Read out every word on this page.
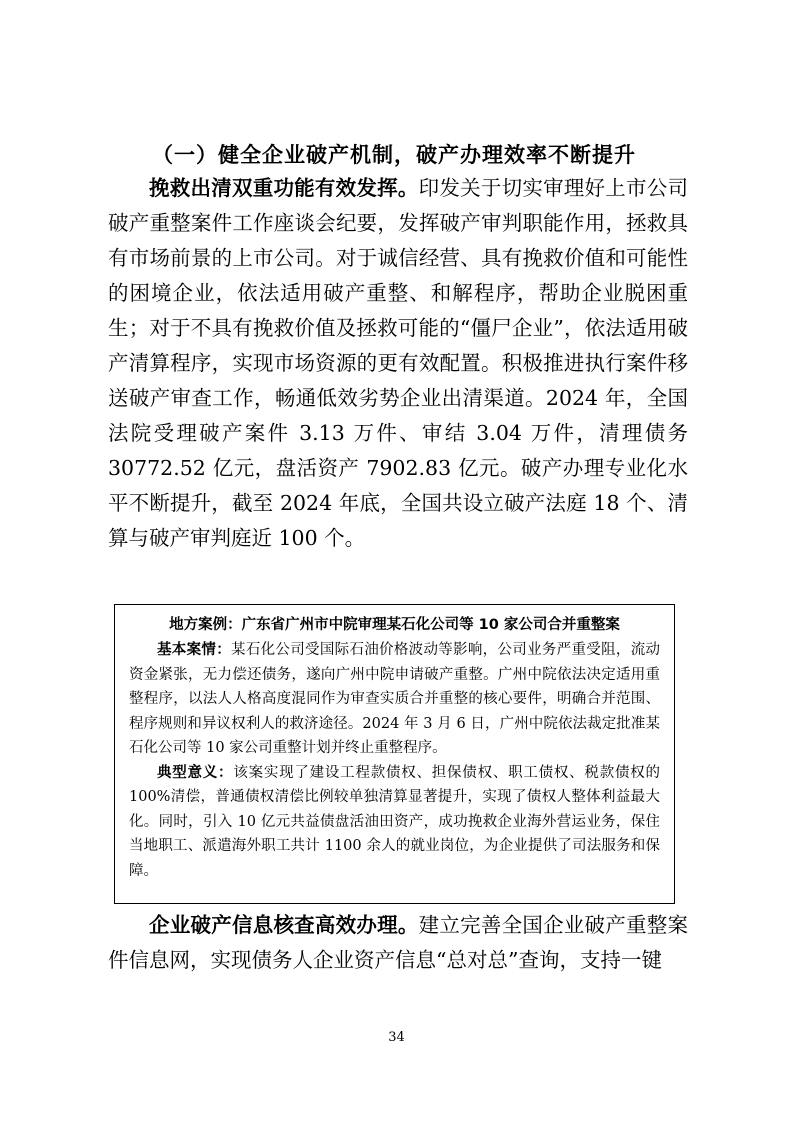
（一）健全企业破产机制，破产办理效率不断提升

挽救出清双重功能有效发挥。印发关于切实审理好上市公司破产重整案件工作座谈会纪要，发挥破产审判职能作用，拯救具有市场前景的上市公司。对于诚信经营、具有挽救价值和可能性的困境企业，依法适用破产重整、和解程序，帮助企业脱困重生；对于不具有挽救价值及拯救可能的“僵尸企业”，依法适用破产清算程序，实现市场资源的更有效配置。积极推进执行案件移送破产审查工作，畅通低效劣势企业出清渠道。2024 年，全国法院受理破产案件 3.13 万件、审结 3.04 万件，清理债务 30772.52 亿元，盘活资产 7902.83 亿元。破产办理专业化水平不断提升，截至 2024 年底，全国共设立破产法庭 18 个、清算与破产审判庭近 100 个。

地方案例：广东省广州市中院审理某石化公司等 10 家公司合并重整案

基本案情：某石化公司受国际石油价格波动等影响，公司业务严重受阻，流动资金紧张，无力偿还债务，遂向广州中院申请破产重整。广州中院依法决定适用重整程序，以法人人格高度混同作为审查实质合并重整的核心要件，明确合并范围、程序规则和异议权利人的救济途径。2024 年 3 月 6 日，广州中院依法裁定批准某石化公司等 10 家公司重整计划并终止重整程序。

典型意义：该案实现了建设工程款债权、担保债权、职工债权、税款债权的 100%清偿，普通债权清偿比例较单独清算显著提升，实现了债权人整体利益最大化。同时，引入 10 亿元共益债盘活油田资产，成功挽救企业海外营运业务，保住当地职工、派遣海外职工共计 1100 余人的就业岗位，为企业提供了司法服务和保障。

企业破产信息核查高效办理。建立完善全国企业破产重整案件信息网，实现债务人企业资产信息“总对总”查询，支持一键

34
